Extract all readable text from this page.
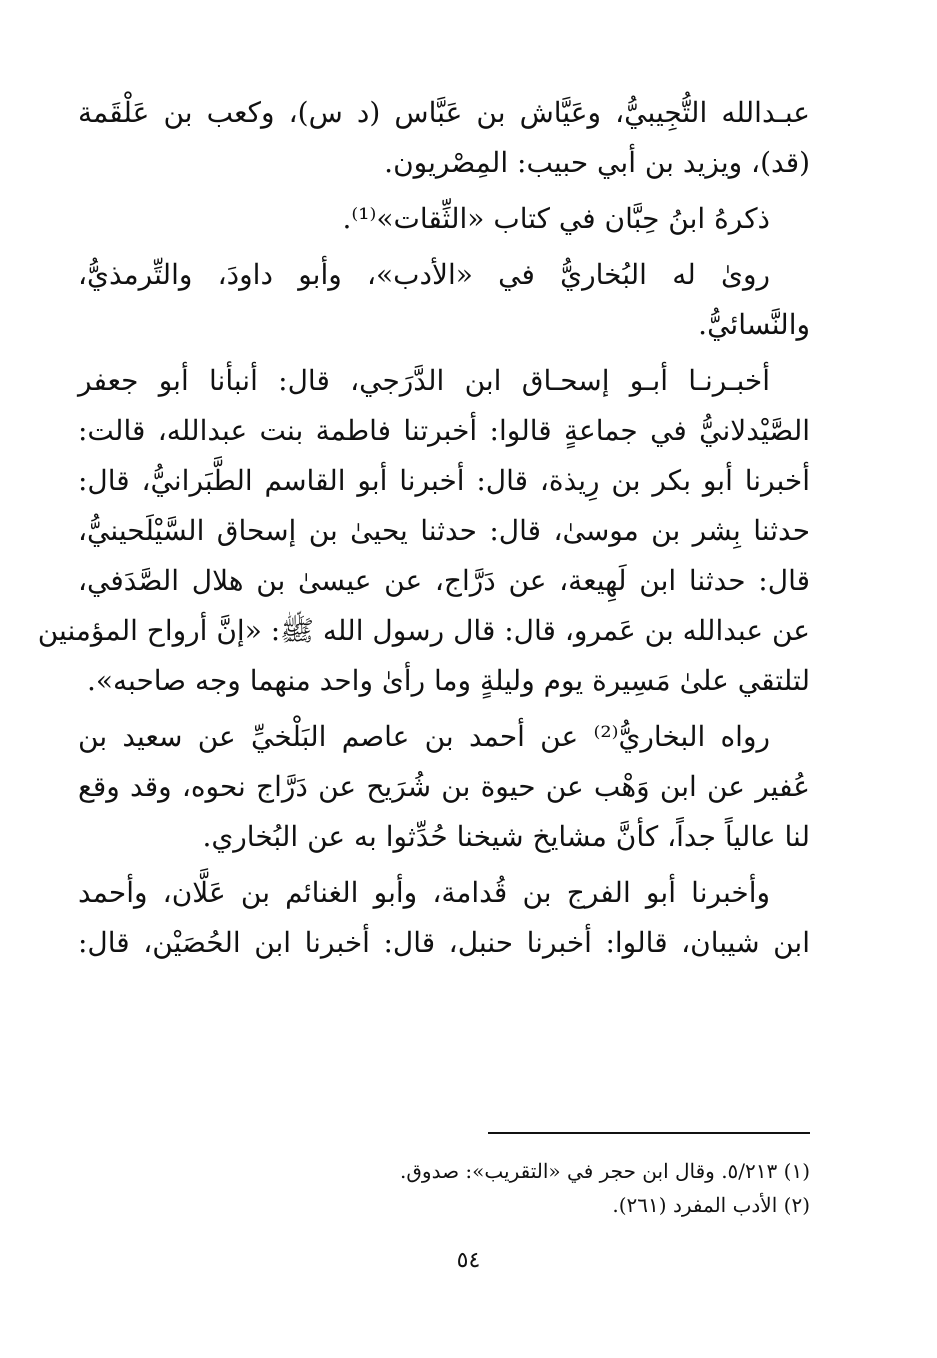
عبـدالله التُّجِيبيُّ، وعَيَّاش بن عَبَّاس (د س)، وكعب بن عَلْقَمة
(قد)، ويزيد بن أبي حبيب: المِصْريون.
ذكرهُ ابنُ حِبَّان في كتاب «الثِّقات»⁽¹⁾.
روىٰ له البُخاريُّ في «الأدب»، وأبو داودَ، والتِّرمذيُّ،
والنَّسائيُّ.
أخبـرنـا أبـو إسحـاق ابن الدَّرَجي، قال: أنبأنا أبو جعفر
الصَّيْدلانيُّ في جماعةٍ قالوا: أخبرتنا فاطمة بنت عبدالله، قالت:
أخبرنا أبو بكر بن رِيذة، قال: أخبرنا أبو القاسم الطَّبَرانيُّ، قال:
حدثنا بِشر بن موسىٰ، قال: حدثنا يحيىٰ بن إسحاق السَّيْلَحينيُّ،
قال: حدثنا ابن لَهِيعة، عن دَرَّاج، عن عيسىٰ بن هلال الصَّدَفي،
عن عبدالله بن عَمرو، قال: قال رسول الله ﷺ: «إنَّ أرواح المؤمنين
لتلتقي علىٰ مَسِيرة يوم وليلةٍ وما رأىٰ واحد منهما وجه صاحبه».
رواه البخاريُّ⁽²⁾ عن أحمد بن عاصم البَلْخيِّ عن سعيد بن
عُفير عن ابن وَهْب عن حيوة بن شُرَيح عن دَرَّاج نحوه، وقد وقع
لنا عالياً جداً، كأنَّ مشايخ شيخنا حُدِّثوا به عن البُخاري.
وأخبرنا أبو الفرج بن قُدامة، وأبو الغنائم بن عَلَّان، وأحمد
ابن شيبان، قالوا: أخبرنا حنبل، قال: أخبرنا ابن الحُصَيْن، قال:
(١) ٥/٢١٣. وقال ابن حجر في «التقريب»: صدوق.
(٢) الأدب المفرد (٢٦١).
٥٤
